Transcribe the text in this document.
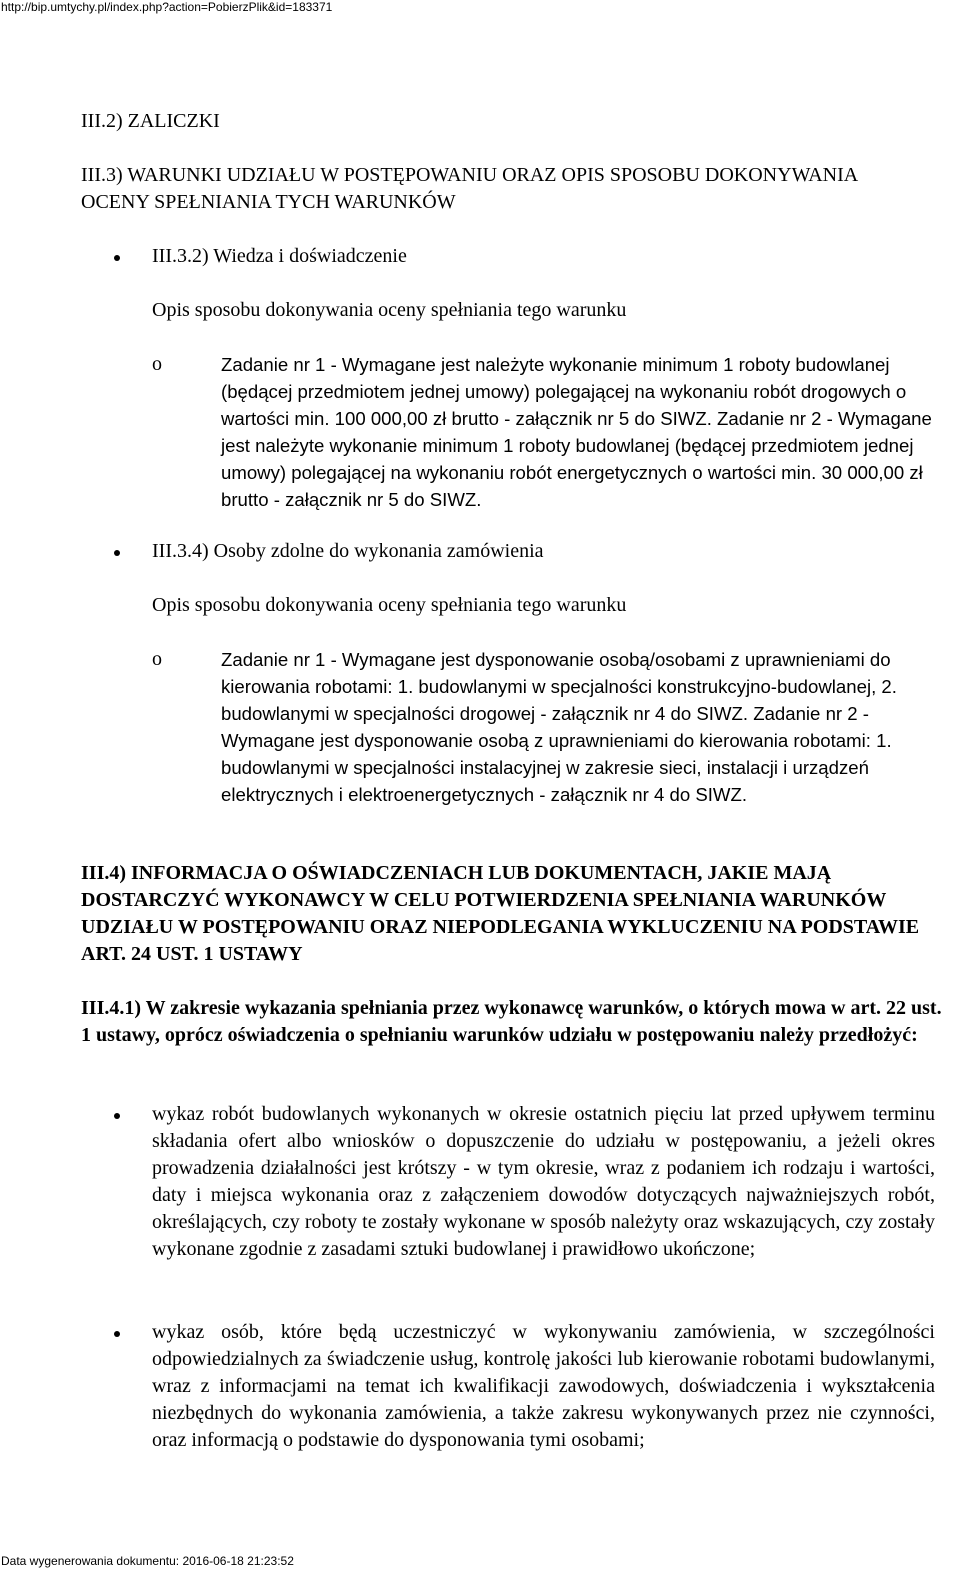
http://bip.umtychy.pl/index.php?action=PobierzPlik&id=183371
III.2) ZALICZKI
III.3) WARUNKI UDZIAŁU W POSTĘPOWANIU ORAZ OPIS SPOSOBU DOKONYWANIA OCENY SPEŁNIANIA TYCH WARUNKÓW
III.3.2) Wiedza i doświadczenie
Opis sposobu dokonywania oceny spełniania tego warunku
o	Zadanie nr 1 - Wymagane jest należyte wykonanie minimum 1 roboty budowlanej (będącej przedmiotem jednej umowy) polegającej na wykonaniu robót drogowych o wartości min. 100 000,00 zł brutto - załącznik nr 5 do SIWZ. Zadanie nr 2 - Wymagane jest należyte wykonanie minimum 1 roboty budowlanej (będącej przedmiotem jednej umowy) polegającej na wykonaniu robót energetycznych o wartości min. 30 000,00 zł brutto - załącznik nr 5 do SIWZ.
III.3.4) Osoby zdolne do wykonania zamówienia
Opis sposobu dokonywania oceny spełniania tego warunku
o	Zadanie nr 1 - Wymagane jest dysponowanie osobą/osobami z uprawnieniami do kierowania robotami: 1. budowlanymi w specjalności konstrukcyjno-budowlanej, 2. budowlanymi w specjalności drogowej - załącznik nr 4 do SIWZ. Zadanie nr 2 - Wymagane jest dysponowanie osobą z uprawnieniami do kierowania robotami: 1. budowlanymi w specjalności instalacyjnej w zakresie sieci, instalacji i urządzeń elektrycznych i elektroenergetycznych - załącznik nr 4 do SIWZ.
III.4) INFORMACJA O OŚWIADCZENIACH LUB DOKUMENTACH, JAKIE MAJĄ DOSTARCZYĆ WYKONAWCY W CELU POTWIERDZENIA SPEŁNIANIA WARUNKÓW UDZIAŁU W POSTĘPOWANIU ORAZ NIEPODLEGANIA WYKLUCZENIU NA PODSTAWIE ART. 24 UST. 1 USTAWY
III.4.1) W zakresie wykazania spełniania przez wykonawcę warunków, o których mowa w art. 22 ust. 1 ustawy, oprócz oświadczenia o spełnianiu warunków udziału w postępowaniu należy przedłożyć:
wykaz robót budowlanych wykonanych w okresie ostatnich pięciu lat przed upływem terminu składania ofert albo wniosków o dopuszczenie do udziału w postępowaniu, a jeżeli okres prowadzenia działalności jest krótszy - w tym okresie, wraz z podaniem ich rodzaju i wartości, daty i miejsca wykonania oraz z załączeniem dowodów dotyczących najważniejszych robót, określających, czy roboty te zostały wykonane w sposób należyty oraz wskazujących, czy zostały wykonane zgodnie z zasadami sztuki budowlanej i prawidłowo ukończone;
wykaz osób, które będą uczestniczyć w wykonywaniu zamówienia, w szczególności odpowiedzialnych za świadczenie usług, kontrolę jakości lub kierowanie robotami budowlanymi, wraz z informacjami na temat ich kwalifikacji zawodowych, doświadczenia i wykształcenia niezbędnych do wykonania zamówienia, a także zakresu wykonywanych przez nie czynności, oraz informacją o podstawie do dysponowania tymi osobami;
Data wygenerowania dokumentu: 2016-06-18 21:23:52
